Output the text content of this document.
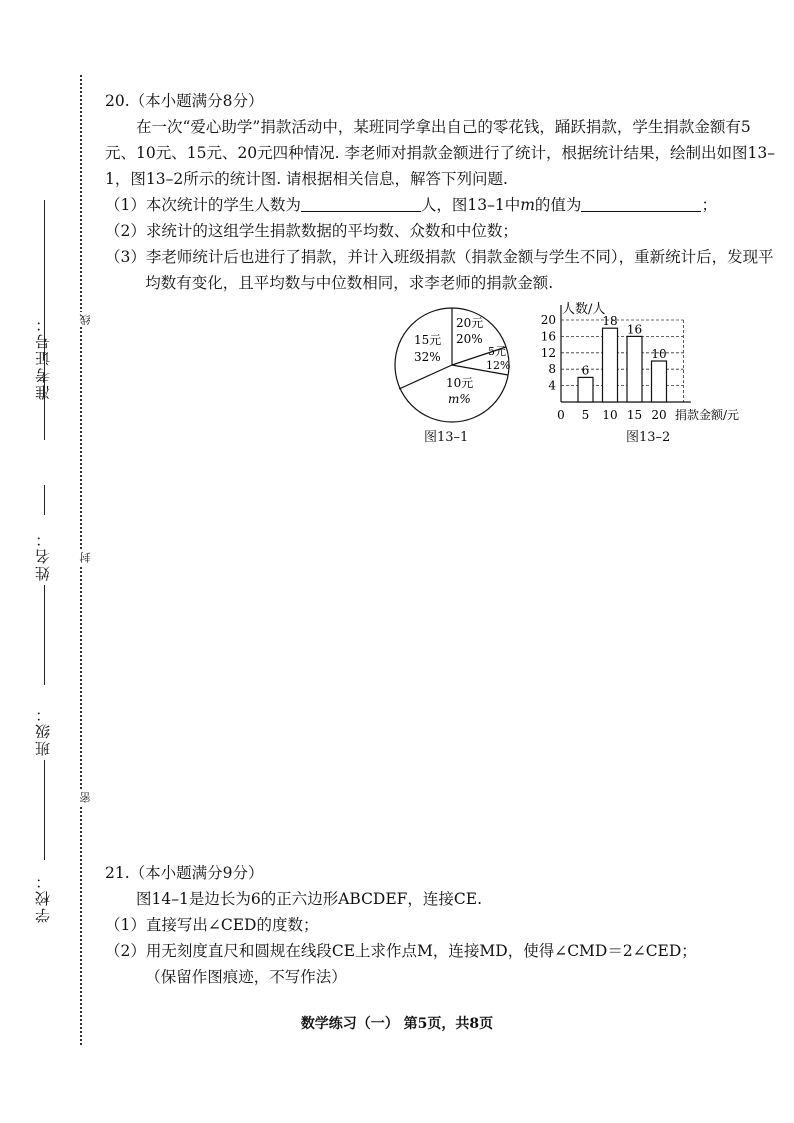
准考证号：
姓名：
班级：
学校：
线
封
密

20.（本小题满分8分）

在一次“爱心助学”捐款活动中，某班同学拿出自己的零花钱，踊跃捐款，学生捐款金额有5元、10元、15元、20元四种情况. 李老师对捐款金额进行了统计，根据统计结果，绘制出如图13–1，图13–2所示的统计图. 请根据相关信息，解答下列问题.

（1）本次统计的学生人数为	人，图13–1中m的值为	；

（2）求统计的这组学生捐款数据的平均数、众数和中位数；

（3）李老师统计后也进行了捐款，并计入班级捐款（捐款金额与学生不同），重新统计后，发现平均数有变化，且平均数与中位数相同，求李老师的捐款金额.

15元
32%
20元
20%
5元
12%
10元
m%
图13–1
人数/人
4
8
12
16
20
0 5 10 15 20 捐款金额/元
6
18
16
10
图13–2

21.（本小题满分9分）

图14–1是边长为6的正六边形ABCDEF，连接CE.

（1）直接写出∠CED的度数；

（2）用无刻度直尺和圆规在线段CE上求作点M，连接MD，使得∠CMD＝2∠CED；

（保留作图痕迹，不写作法）

数学练习（一） 第5页，共8页
